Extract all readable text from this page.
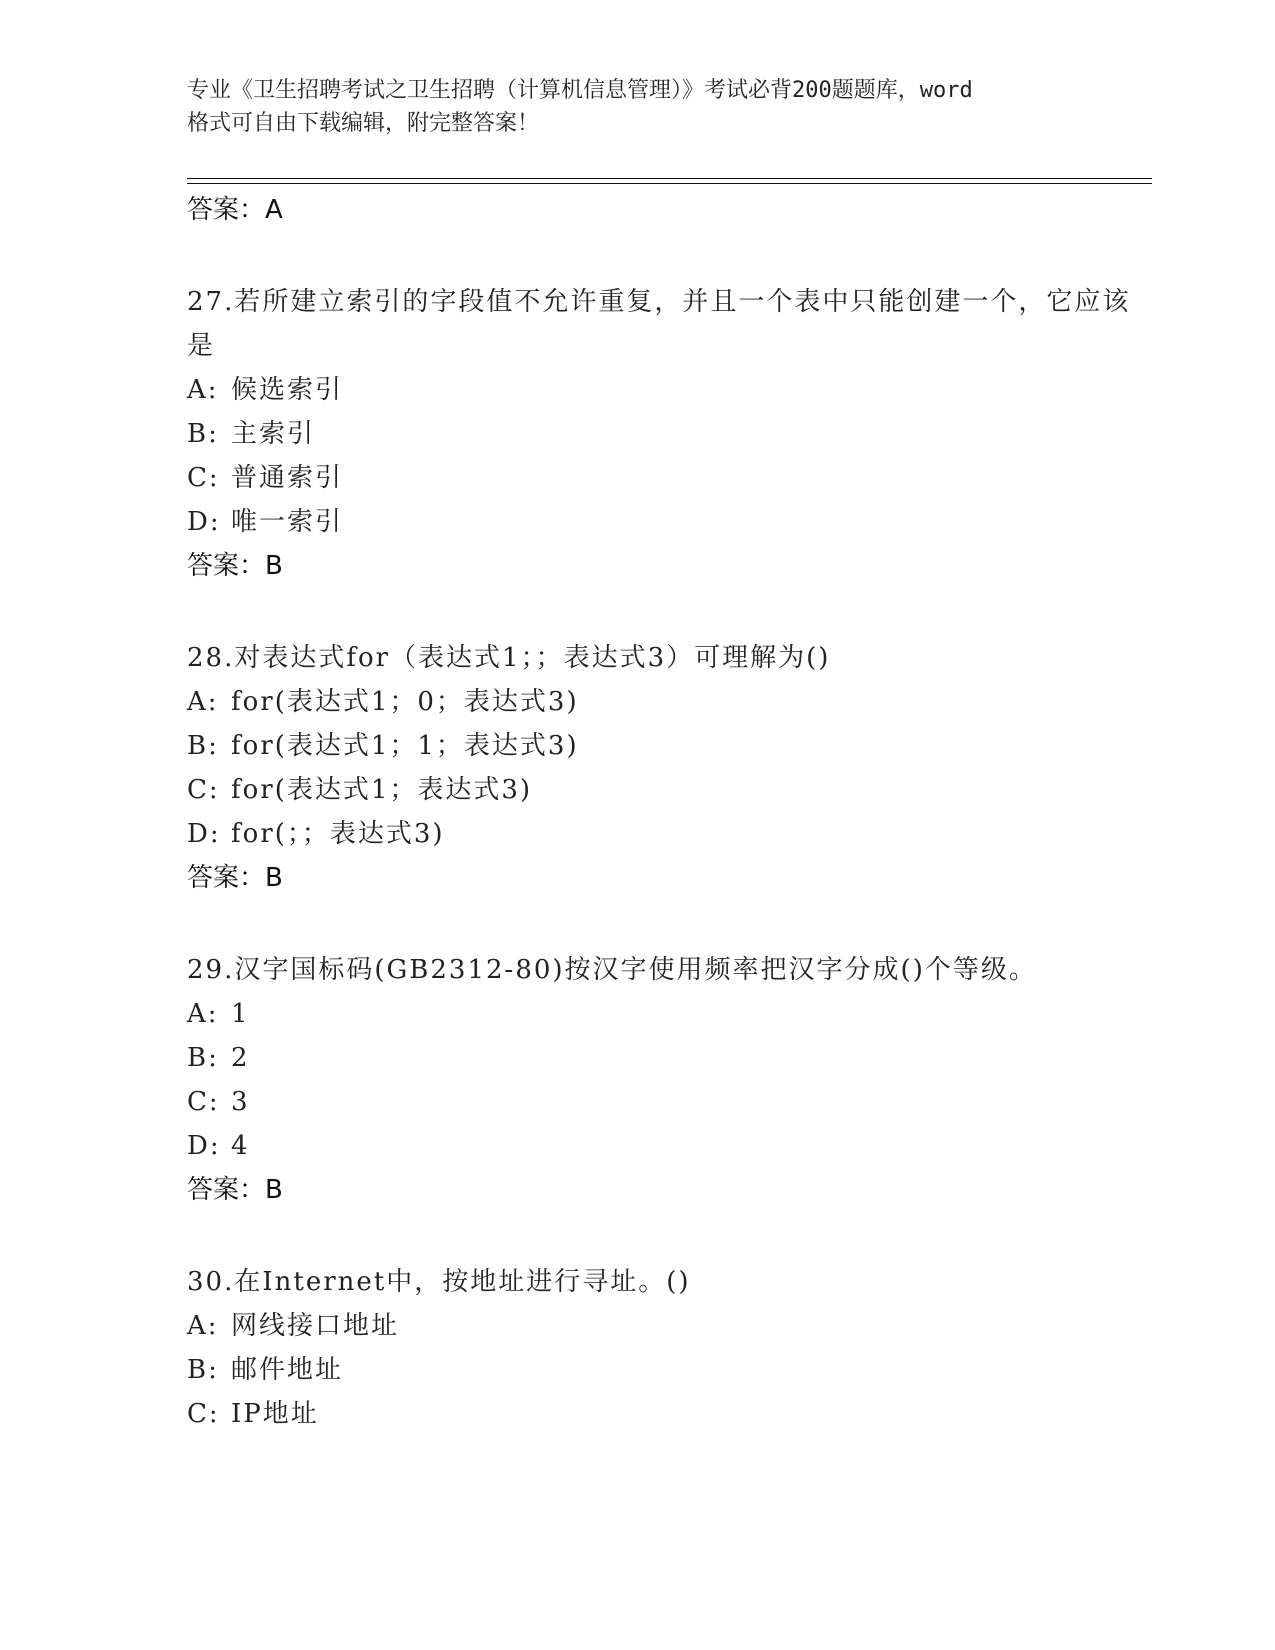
专业《卫生招聘考试之卫生招聘（计算机信息管理）》考试必背200题题库，word
格式可自由下载编辑，附完整答案！
答案：A
27.若所建立索引的字段值不允许重复，并且一个表中只能创建一个，它应该是
A: 候选索引
B: 主索引
C: 普通索引
D: 唯一索引
答案：B
28.对表达式for（表达式1；；表达式3）可理解为()
A: for(表达式1；0；表达式3)
B: for(表达式1；1；表达式3)
C: for(表达式1；表达式3)
D: for(；；表达式3)
答案：B
29.汉字国标码(GB2312-80)按汉字使用频率把汉字分成()个等级。
A: 1
B: 2
C: 3
D: 4
答案：B
30.在Internet中，按地址进行寻址。()
A: 网线接口地址
B: 邮件地址
C: IP地址
